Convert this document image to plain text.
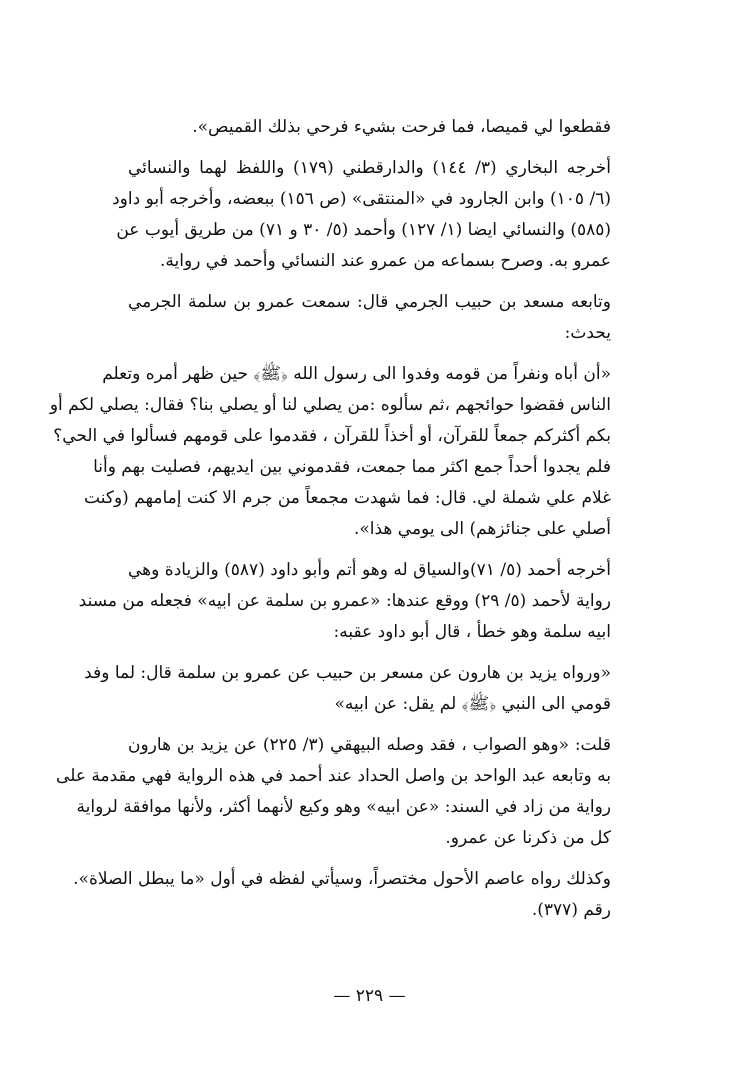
فقطعوا لي قميصا، فما فرحت بشيء فرحي بذلك القميص».
أخرجه البخاري (٣/ ١٤٤) والدارقطني (١٧٩) واللفظ لهما والنسائي
(٦/ ١٠٥) وابن الجارود في «المنتقى» (ص ١٥٦) ببعضه، وأخرجه أبو داود
(٥٨٥) والنسائي ايضا (١/ ١٢٧) وأحمد (٥/ ٣٠ و ٧١) من طريق أيوب عن
عمرو به. وصرح بسماعه من عمرو عند النسائي وأحمد في رواية.
وتابعه مسعد بن حبيب الجرمي قال: سمعت عمرو بن سلمة الجرمي
يحدث:
«أن أباه ونفراً من قومه وفدوا الى رسول الله ﴿ﷺ﴾ حين ظهر أمره وتعلم
الناس فقضوا حوائجهم ،ثم سألوه :من يصلي لنا أو يصلي بنا؟ فقال: يصلي لكم أو
بكم أكثركم جمعاً للقرآن، أو أخذاً للقرآن ، فقدموا على قومهم فسألوا في الحي؟
فلم يجدوا أحداً جمع اكثر مما جمعت، فقدموني بين ايديهم، فصليت بهم وأنا
غلام علي شملة لي. قال: فما شهدت مجمعاً من جرم الا كنت إمامهم (وكنت
أصلي على جنائزهم) الى يومي هذا».
أخرجه أحمد (٥/ ٧١)والسياق له وهو أتم وأبو داود (٥٨٧) والزيادة وهي
رواية لأحمد (٥/ ٢٩) ووقع عندها: «عمرو بن سلمة عن ابيه» فجعله من مسند
ابيه سلمة وهو خطأ ، قال أبو داود عقبه:
«ورواه يزيد بن هارون عن مسعر بن حبيب عن عمرو بن سلمة قال: لما وفد
قومي الى النبي ﴿ﷺ﴾ لم يقل: عن ابيه»
قلت: «وهو الصواب ، فقد وصله البيهقي (٣/ ٢٢٥) عن يزيد بن هارون
به وتابعه عبد الواحد بن واصل الحداد عند أحمد في هذه الرواية فهي مقدمة على
رواية من زاد في السند: «عن ابيه» وهو وكيع لأنهما أكثر، ولأنها موافقة لرواية
كل من ذكرنا عن عمرو.
وكذلك رواه عاصم الأحول مختصراً، وسيأتي لفظه في أول «ما يبطل الصلاة».
رقم (٣٧٧).
— ٢٢٩ —
